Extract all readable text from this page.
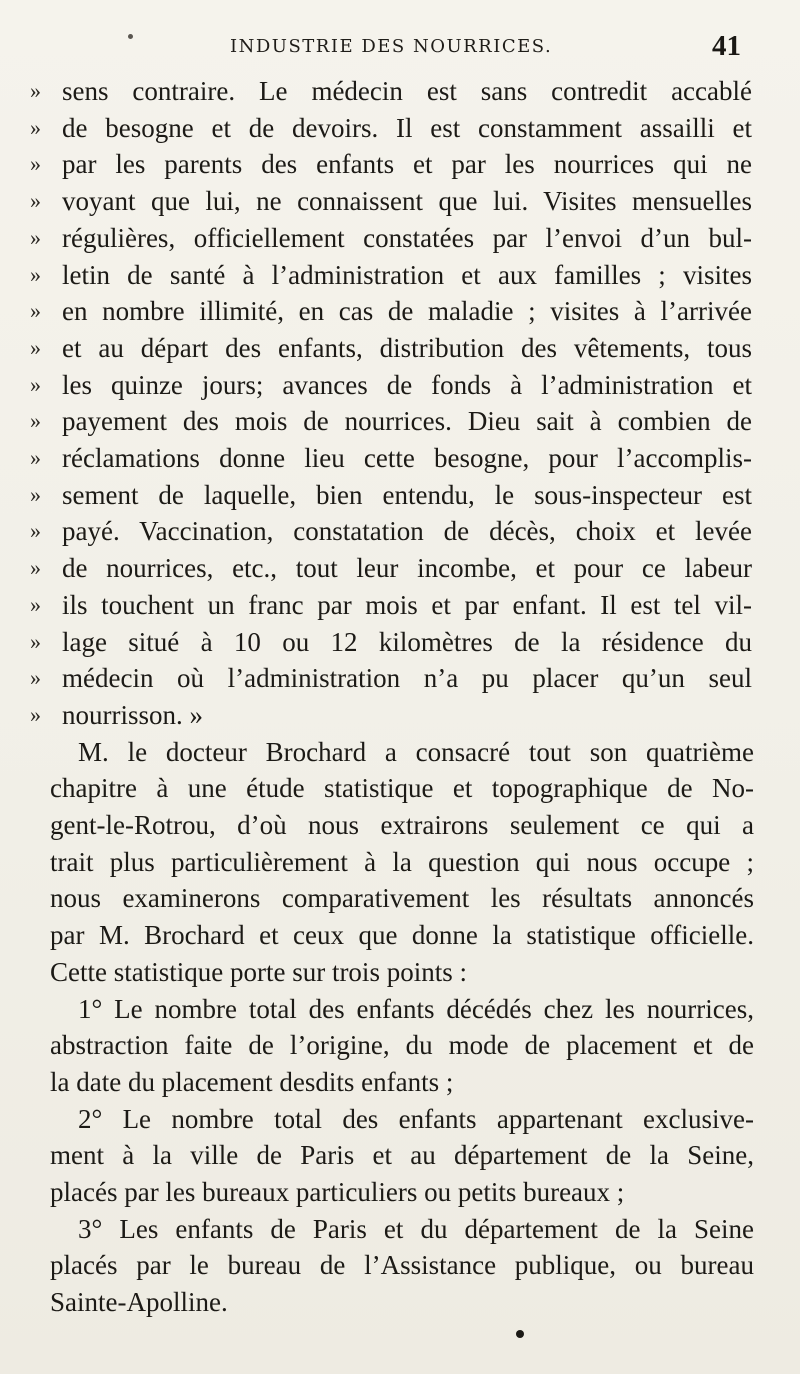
INDUSTRIE DES NOURRICES.	41
» sens contraire. Le médecin est sans contredit accablé
» de besogne et de devoirs. Il est constamment assailli et
» par les parents des enfants et par les nourrices qui ne
» voyant que lui, ne connaissent que lui. Visites mensuelles
» régulières, officiellement constatées par l’envoi d’un bul-
» letin de santé à l’administration et aux familles ; visites
» en nombre illimité, en cas de maladie ; visites à l’arrivée
» et au départ des enfants, distribution des vêtements, tous
» les quinze jours; avances de fonds à l’administration et
» payement des mois de nourrices. Dieu sait à combien de
» réclamations donne lieu cette besogne, pour l’accomplis-
» sement de laquelle, bien entendu, le sous-inspecteur est
» payé. Vaccination, constatation de décès, choix et levée
» de nourrices, etc., tout leur incombe, et pour ce labeur
» ils touchent un franc par mois et par enfant. Il est tel vil-
» lage situé à 10 ou 12 kilomètres de la résidence du
» médecin où l’administration n’a pu placer qu’un seul
» nourrisson. »
M. le docteur Brochard a consacré tout son quatrième
chapitre à une étude statistique et topographique de No-
gent-le-Rotrou, d’où nous extrairons seulement ce qui a
trait plus particulièrement à la question qui nous occupe ;
nous examinerons comparativement les résultats annoncés
par M. Brochard et ceux que donne la statistique officielle.
Cette statistique porte sur trois points :
1° Le nombre total des enfants décédés chez les nourrices,
abstraction faite de l’origine, du mode de placement et de
la date du placement desdits enfants ;
2° Le nombre total des enfants appartenant exclusive-
ment à la ville de Paris et au département de la Seine,
placés par les bureaux particuliers ou petits bureaux ;
3° Les enfants de Paris et du département de la Seine
placés par le bureau de l’Assistance publique, ou bureau
Sainte-Apolline.
